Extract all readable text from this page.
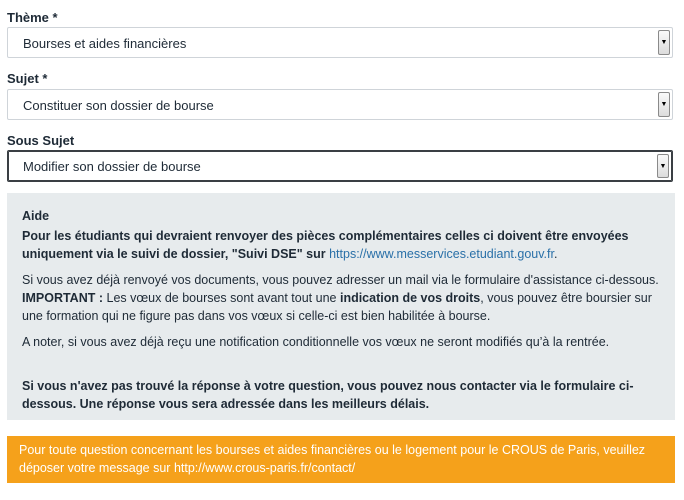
Thème *
Bourses et aides financières	▼
Sujet *
Constituer son dossier de bourse	▼
Sous Sujet
Modifier son dossier de bourse	▼

Aide

Pour les étudiants qui devraient renvoyer des pièces complémentaires celles ci doivent être envoyées uniquement via le suivi de dossier, "Suivi DSE" sur https://www.messervices.etudiant.gouv.fr.

Si vous avez déjà renvoyé vos documents, vous pouvez adresser un mail via le formulaire d'assistance ci-dessous.

IMPORTANT : Les vœux de bourses sont avant tout une indication de vos droits, vous pouvez être boursier sur une formation qui ne figure pas dans vos vœux si celle-ci est bien habilitée à bourse.

A noter, si vous avez déjà reçu une notification conditionnelle vos vœux ne seront modifiés qu’à la rentrée.

Si vous n'avez pas trouvé la réponse à votre question, vous pouvez nous contacter via le formulaire ci-dessous. Une réponse vous sera adressée dans les meilleurs délais.

Pour toute question concernant les bourses et aides financières ou le logement pour le CROUS de Paris, veuillez déposer votre message sur http://www.crous-paris.fr/contact/
